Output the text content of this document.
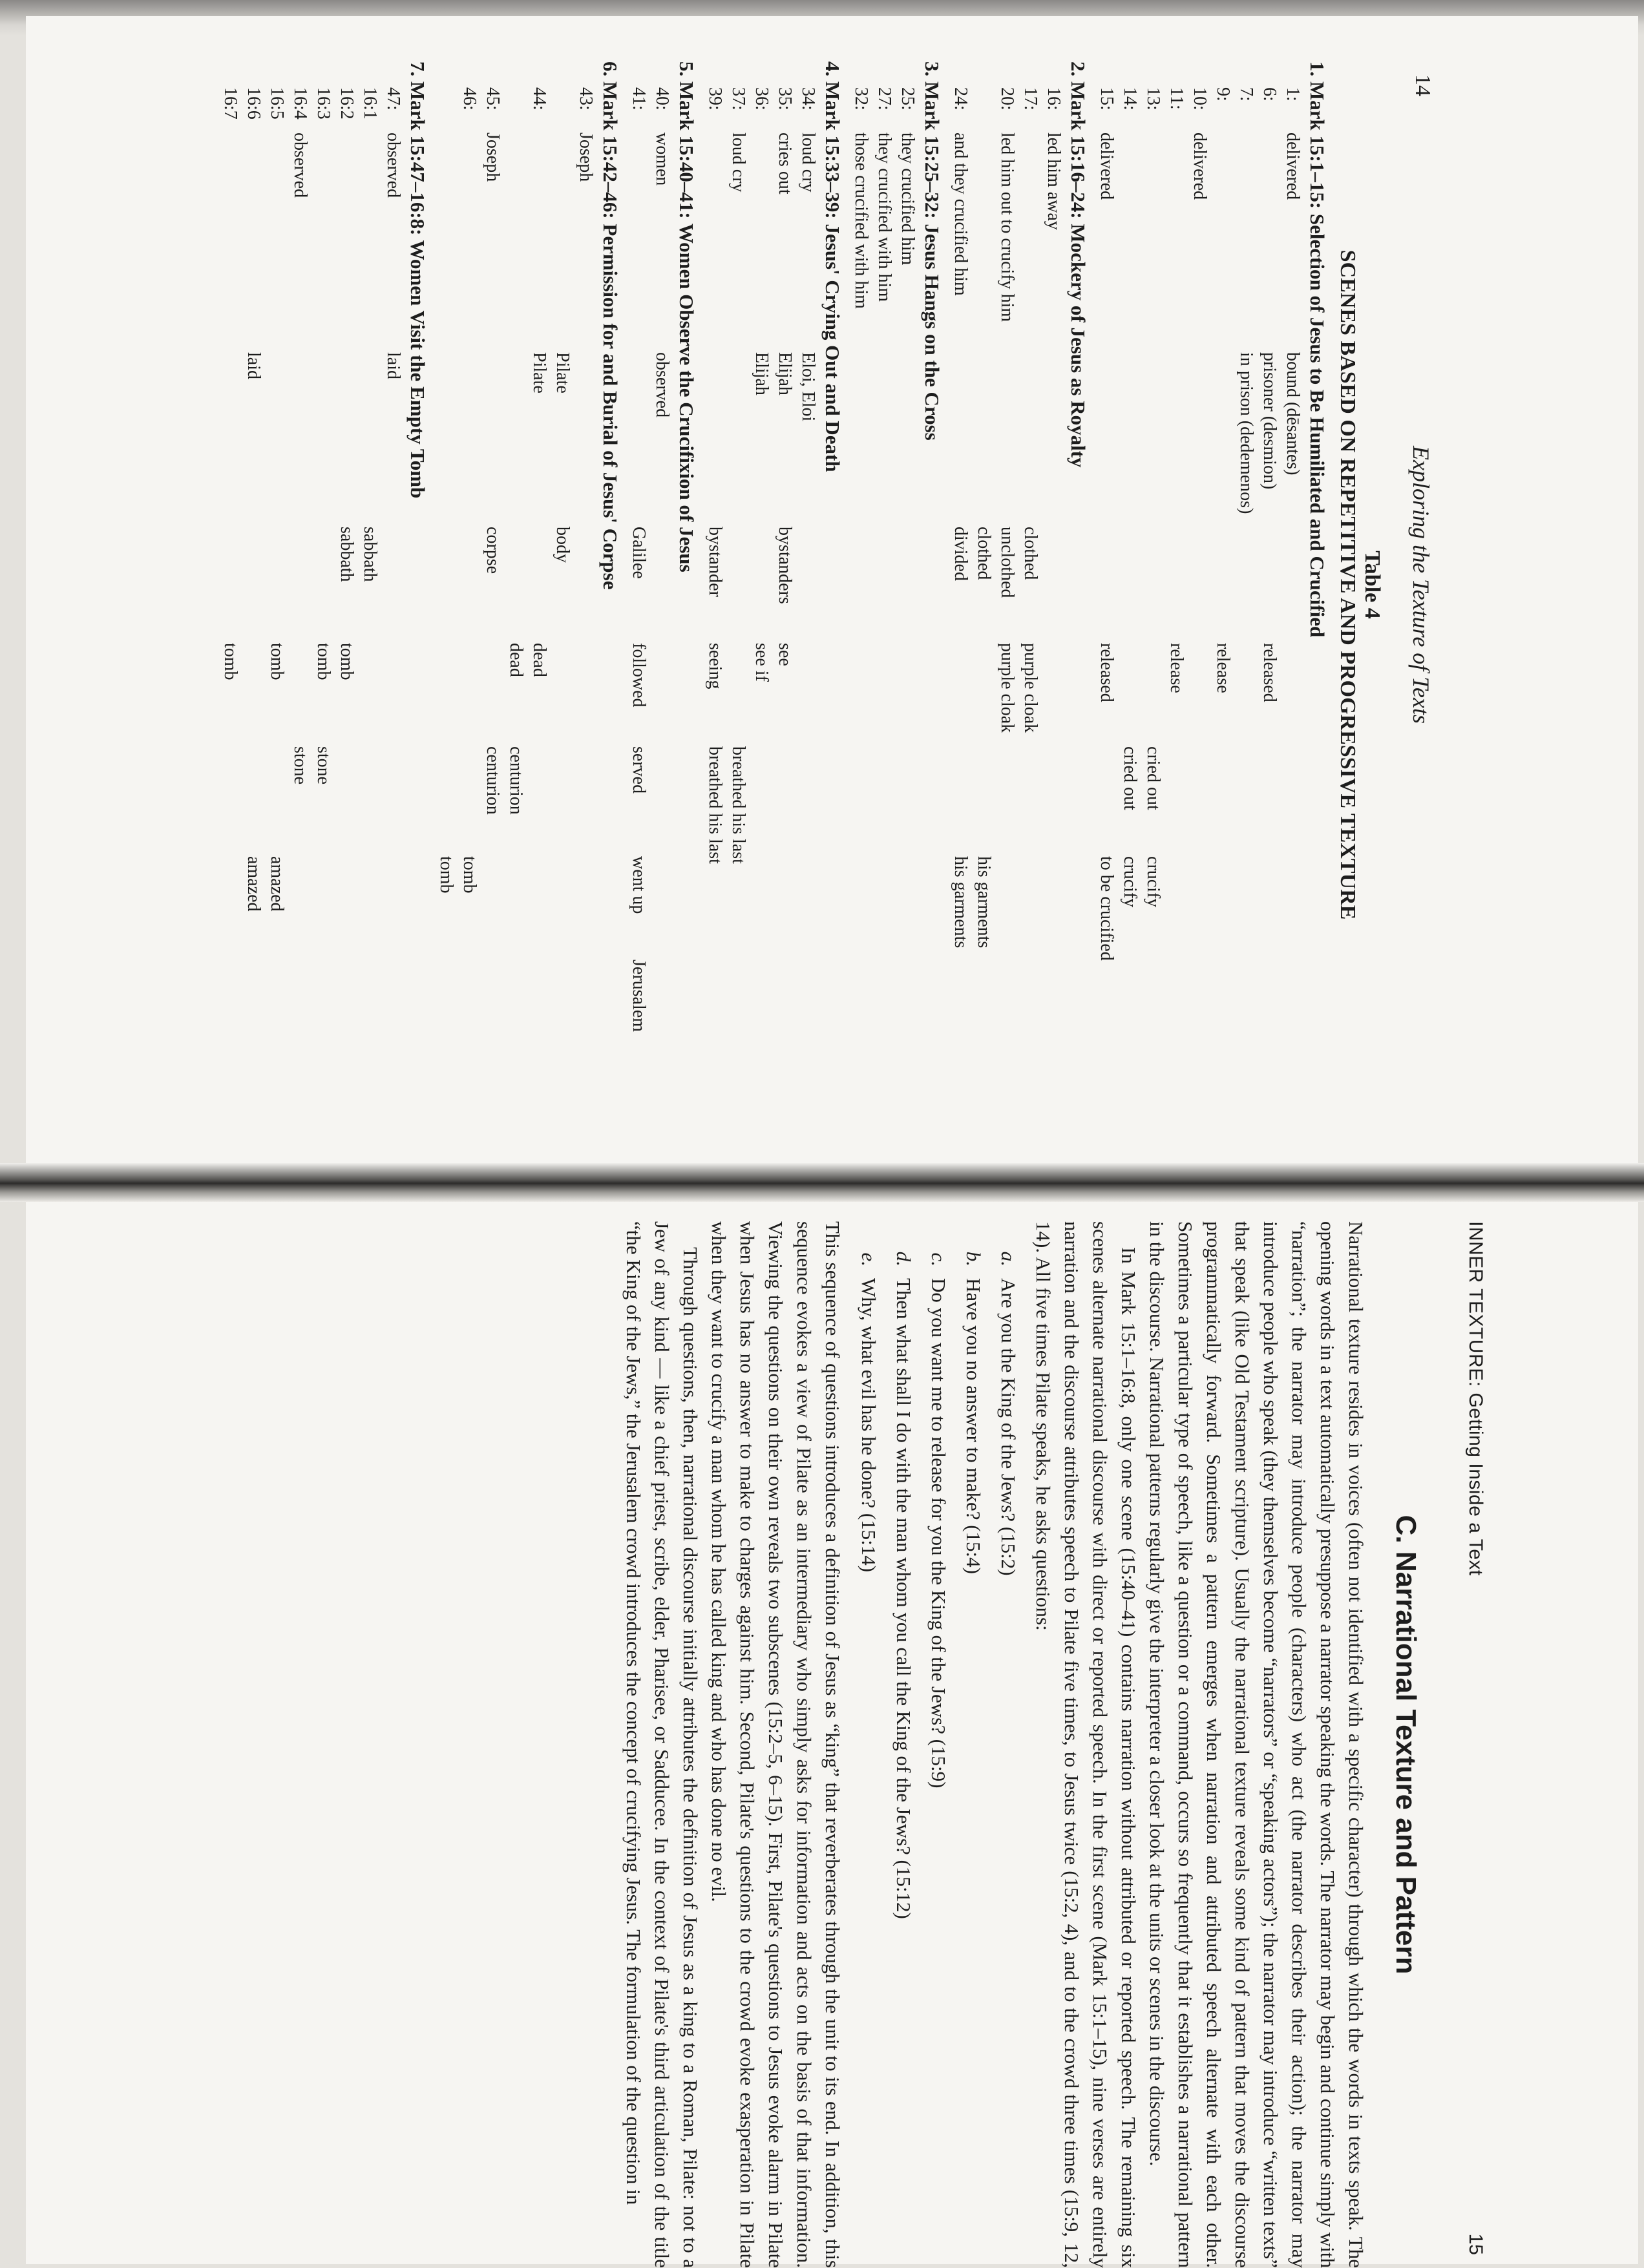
14
Exploring the Texture of Texts
Table 4
SCENES BASED ON REPETITIVE AND PROGRESSIVE TEXTURE
1. Mark 15:1–15: Selection of Jesus to Be Humiliated and Crucified
1:
delivered
bound (dēsantes)
6:
prisoner (desmion)
released
7:
in prison (dedemenos)
9:
release
10:
delivered
11:
release
13:
cried out
crucify
14:
cried out
crucify
15:
delivered
released
to be crucified
2. Mark 15:16–24: Mockery of Jesus as Royalty
16:
led him away
17:
clothed
purple cloak
20:
led him out to crucify him
unclothed
purple cloak
clothed
his garments
24:
and they crucified him
divided
his garments
3. Mark 15:25–32: Jesus Hangs on the Cross
25:
they crucified him
27:
they crucified with him
32:
those crucified with him
4. Mark 15:33–39: Jesus' Crying Out and Death
34:
loud cry
Eloi, Eloi
35:
cries out
Elijah
bystanders
see
36:
Elijah
see if
37:
loud cry
breathed his last
39:
bystander
seeing
breathed his last
5. Mark 15:40–41: Women Observe the Crucifixion of Jesus
40:
women
observed
41:
Galilee
followed
served
went up
Jerusalem
6. Mark 15:42–46: Permission for and Burial of Jesus' Corpse
43:
Joseph
Pilate
body
44:
Pilate
dead
dead
centurion
45:
Joseph
corpse
centurion
46:
tomb
tomb
7. Mark 15:47–16:8: Women Visit the Empty Tomb
47:
observed
laid
16:1
sabbath
16:2
sabbath
tomb
16:3
tomb
stone
16:4
observed
stone
16:5
tomb
amazed
16:6
laid
amazed
16:7
tomb
INNER TEXTURE: Getting Inside a Text
15
C. Narrational Texture and Pattern

Narrational texture resides in voices (often not identified with a specific character) through which the words in texts speak. The opening words in a text automatically presuppose a narrator speaking the words. The narrator may begin and continue simply with “narration”; the narrator may introduce people (characters) who act (the narrator describes their action); the narrator may introduce people who speak (they themselves become “narrators” or “speaking actors”); the narrator may introduce “written texts” that speak (like Old Testament scripture). Usually the narrational texture reveals some kind of pattern that moves the discourse programmatically forward. Sometimes a pattern emerges when narration and attributed speech alternate with each other. Sometimes a particular type of speech, like a question or a command, occurs so frequently that it establishes a narrational pattern in the discourse. Narrational patterns regularly give the interpreter a closer look at the units or scenes in the discourse.

In Mark 15:1–16:8, only one scene (15:40–41) contains narration without attributed or reported speech. The remaining six scenes alternate narrational discourse with direct or reported speech. In the first scene (Mark 15:1–15), nine verses are entirely narration and the discourse attributes speech to Pilate five times, to Jesus twice (15:2, 4), and to the crowd three times (15:9, 12, 14). All five times Pilate speaks, he asks questions:

a.
Are you the King of the Jews? (15:2)
b.
Have you no answer to make? (15:4)
c.
Do you want me to release for you the King of the Jews? (15:9)
d.
Then what shall I do with the man whom you call the King of the Jews? (15:12)
e.
Why, what evil has he done? (15:14)

This sequence of questions introduces a definition of Jesus as “king” that reverberates through the unit to its end. In addition, this sequence evokes a view of Pilate as an intermediary who simply asks for information and acts on the basis of that information. Viewing the questions on their own reveals two subscenes (15:2–5, 6–15). First, Pilate's questions to Jesus evoke alarm in Pilate when Jesus has no answer to make to charges against him. Second, Pilate's questions to the crowd evoke exasperation in Pilate when they want to crucify a man whom he has called king and who has done no evil.

Through questions, then, narrational discourse initially attributes the definition of Jesus as a king to a Roman, Pilate: not to a Jew of any kind — like a chief priest, scribe, elder, Pharisee, or Sadducee. In the context of Pilate's third articulation of the title “the King of the Jews,” the Jerusalem crowd introduces the concept of crucifying Jesus. The formulation of the question in
